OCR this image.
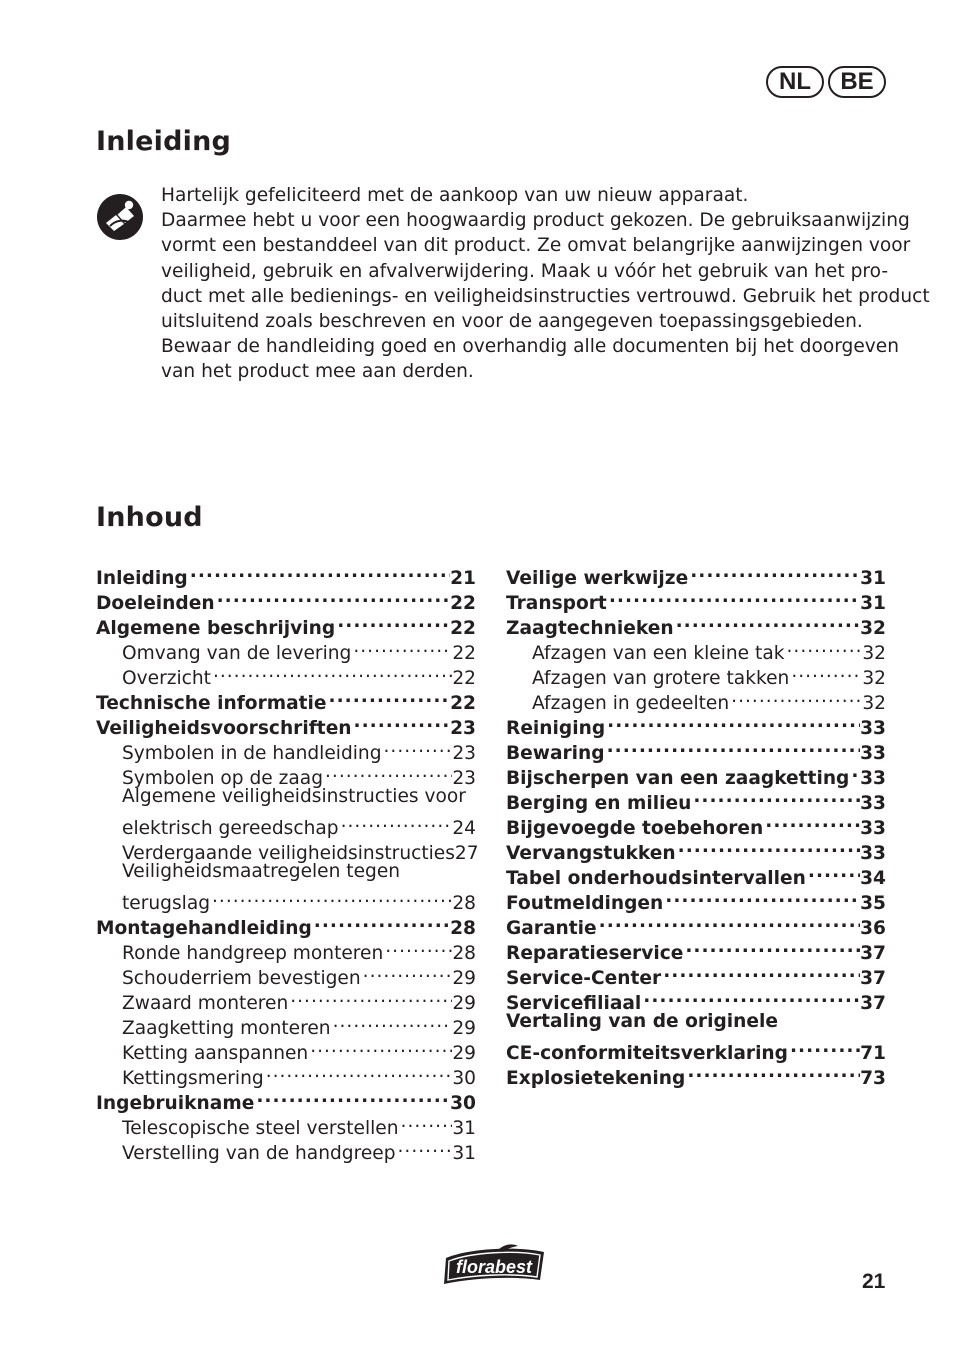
NL	BE
Inleiding
Hartelijk gefeliciteerd met de aankoop van uw nieuw apparaat.
Daarmee hebt u voor een hoogwaardig product gekozen. De gebruiksaanwijzing
vormt een bestanddeel van dit product. Ze omvat belangrijke aanwijzingen voor
veiligheid, gebruik en afvalverwijdering. Maak u vóór het gebruik van het pro-
duct met alle bedienings- en veiligheidsinstructies vertrouwd. Gebruik het product
uitsluitend zoals beschreven en voor de aangegeven toepassingsgebieden.
Bewaar de handleiding goed en overhandig alle documenten bij het doorgeven
van het product mee aan derden.
Inhoud
Inleiding .....	21
Doeleinden .....	22
Algemene beschrijving .....	22
Omvang van de levering .....	22
Overzicht .....	22
Technische informatie .....	22
Veiligheidsvoorschriften .....	23
Symbolen in de handleiding .....	23
Symbolen op de zaag .....	23
Algemene veiligheidsinstructies voor
elektrisch gereedschap .....	24
Verdergaande veiligheidsinstructies 27
Veiligheidsmaatregelen tegen
terugslag .....	28
Montagehandleiding .....	28
Ronde handgreep monteren .....	28
Schouderriem bevestigen .....	29
Zwaard monteren .....	29
Zaagketting monteren .....	29
Ketting aanspannen .....	29
Kettingsmering .....	30
Ingebruikname .....	30
Telescopische steel verstellen .....	31
Verstelling van de handgreep .....	31
Veilige werkwijze .....	31
Transport .....	31
Zaagtechnieken .....	32
Afzagen van een kleine tak .....	32
Afzagen van grotere takken .....	32
Afzagen in gedeelten .....	32
Reiniging .....	33
Bewaring .....	33
Bijscherpen van een zaagketting ..... 33
Berging en milieu .....	33
Bijgevoegde toebehoren .....	33
Vervangstukken .....	33
Tabel onderhoudsintervallen .....	34
Foutmeldingen .....	35
Garantie .....	36
Reparatieservice .....	37
Service-Center .....	37
Servicefiliaal .....	37
Vertaling van de originele
CE-conformiteitsverklaring .....	71
Explosietekening .....	73
florabest
21
